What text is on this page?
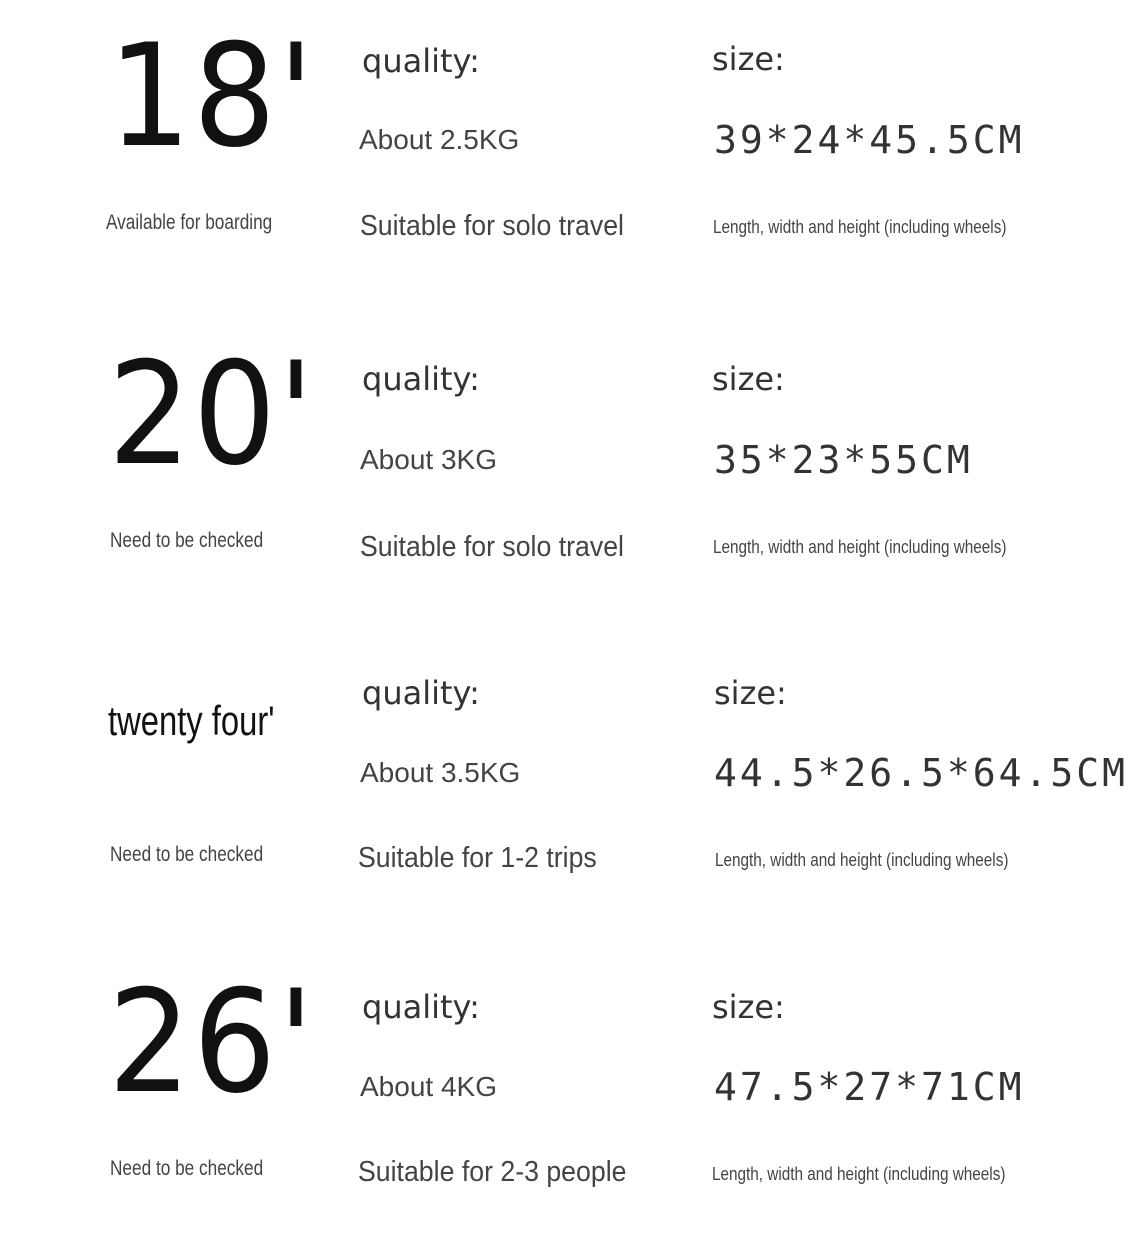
18'
Available for boarding
quality:
About 2.5KG
Suitable for solo travel
size:
39*24*45.5CM
Length, width and height (including wheels)
20'
Need to be checked
quality:
About 3KG
Suitable for solo travel
size:
35*23*55CM
Length, width and height (including wheels)
twenty four'
Need to be checked
quality:
About 3.5KG
Suitable for 1-2 trips
size:
44.5*26.5*64.5CM
Length, width and height (including wheels)
26'
Need to be checked
quality:
About 4KG
Suitable for 2-3 people
size:
47.5*27*71CM
Length, width and height (including wheels)
